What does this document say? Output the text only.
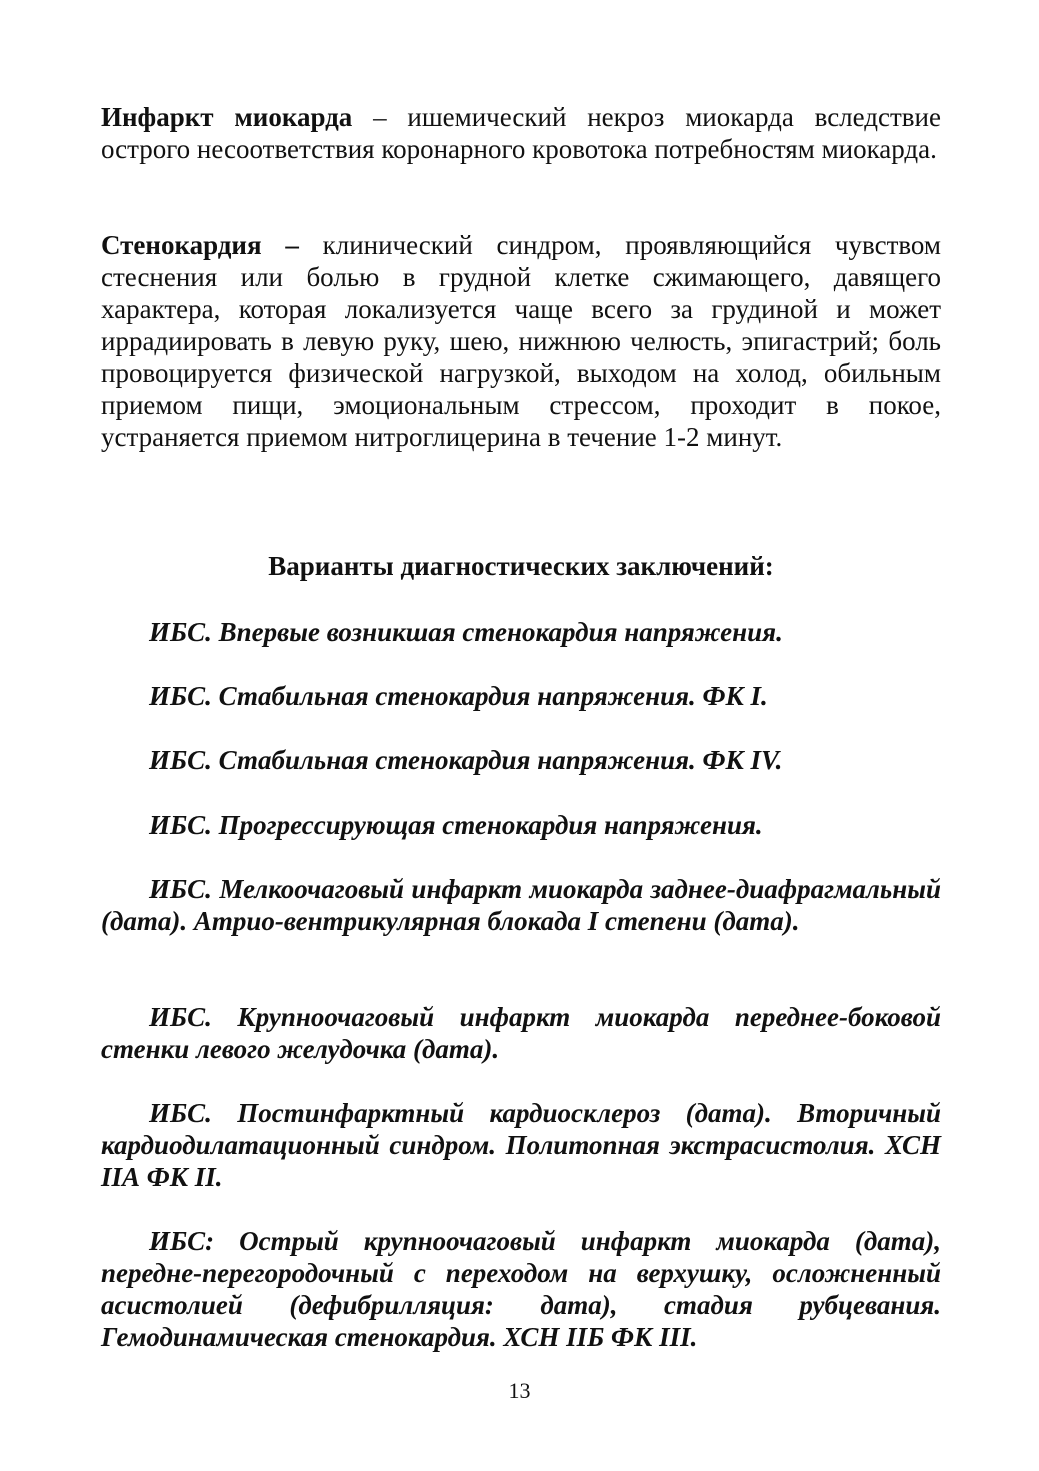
Инфаркт миокарда – ишемический некроз миокарда вследствие острого несоответствия коронарного кровотока потребностям миокарда.

Стенокардия – клинический синдром, проявляющийся чувством стеснения или болью в грудной клетке сжимающего, давящего характера, которая локализуется чаще всего за грудиной и может иррадиировать в левую руку, шею, нижнюю челюсть, эпигастрий; боль провоцируется физической нагрузкой, выходом на холод, обильным приемом пищи, эмоциональным стрессом, проходит в покое, устраняется приемом нитроглицерина в течение 1-2 минут.

Варианты диагностических заключений:

ИБС. Впервые возникшая стенокардия напряжения.

ИБС. Стабильная стенокардия напряжения. ФК I.

ИБС. Стабильная стенокардия напряжения. ФК IV.

ИБС. Прогрессирующая стенокардия напряжения.

ИБС. Мелкоочаговый инфаркт миокарда заднее-диафрагмальный (дата). Атрио-вентрикулярная блокада I степени (дата).

ИБС. Крупноочаговый инфаркт миокарда переднее-боковой стенки левого желудочка (дата).

ИБС. Постинфарктный кардиосклероз (дата). Вторичный кардиодилатационный синдром. Политопная экстрасистолия. ХСН IIА ФК II.

ИБС: Острый крупноочаговый инфаркт миокарда (дата), передне-перегородочный с переходом на верхушку, осложненный асистолией (дефибрилляция: дата), стадия рубцевания. Гемодинамическая стенокардия. ХСН IIБ ФК III.

13
